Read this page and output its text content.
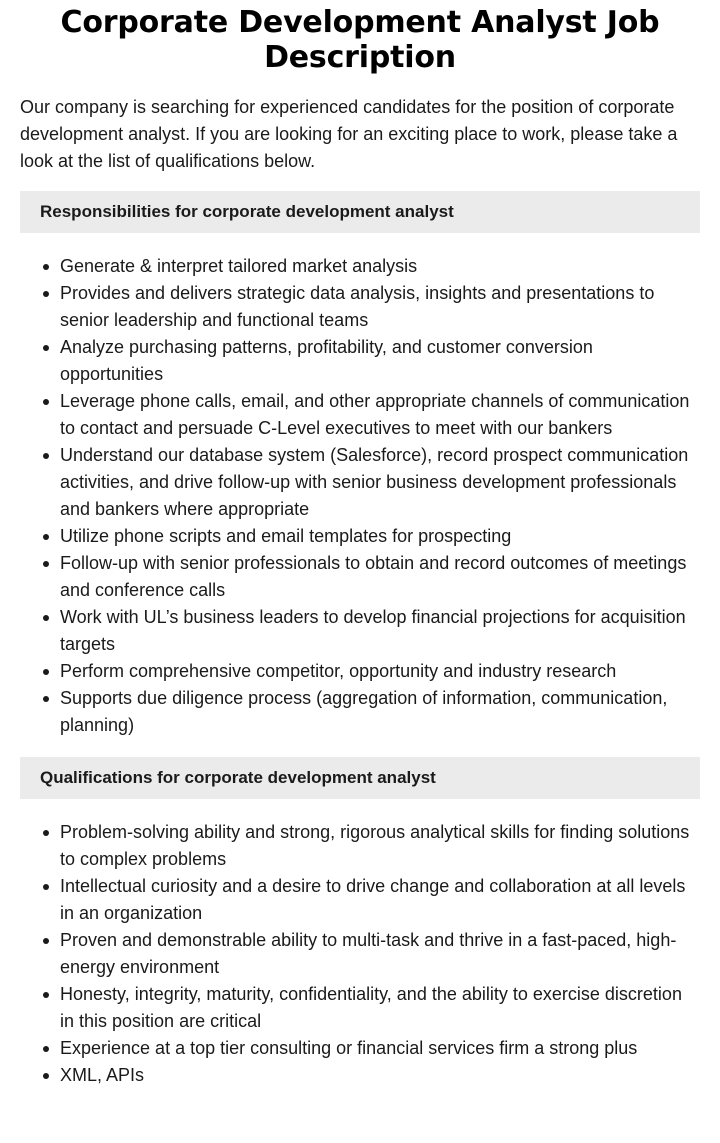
Corporate Development Analyst Job Description

Our company is searching for experienced candidates for the position of corporate development analyst. If you are looking for an exciting place to work, please take a look at the list of qualifications below.

Responsibilities for corporate development analyst
Generate & interpret tailored market analysis
Provides and delivers strategic data analysis, insights and presentations to senior leadership and functional teams
Analyze purchasing patterns, profitability, and customer conversion opportunities
Leverage phone calls, email, and other appropriate channels of communication to contact and persuade C-Level executives to meet with our bankers
Understand our database system (Salesforce), record prospect communication activities, and drive follow-up with senior business development professionals and bankers where appropriate
Utilize phone scripts and email templates for prospecting
Follow-up with senior professionals to obtain and record outcomes of meetings and conference calls
Work with UL’s business leaders to develop financial projections for acquisition targets
Perform comprehensive competitor, opportunity and industry research
Supports due diligence process (aggregation of information, communication, planning)
Qualifications for corporate development analyst
Problem-solving ability and strong, rigorous analytical skills for finding solutions to complex problems
Intellectual curiosity and a desire to drive change and collaboration at all levels in an organization
Proven and demonstrable ability to multi-task and thrive in a fast-paced, high-energy environment
Honesty, integrity, maturity, confidentiality, and the ability to exercise discretion in this position are critical
Experience at a top tier consulting or financial services firm a strong plus
XML, APIs
